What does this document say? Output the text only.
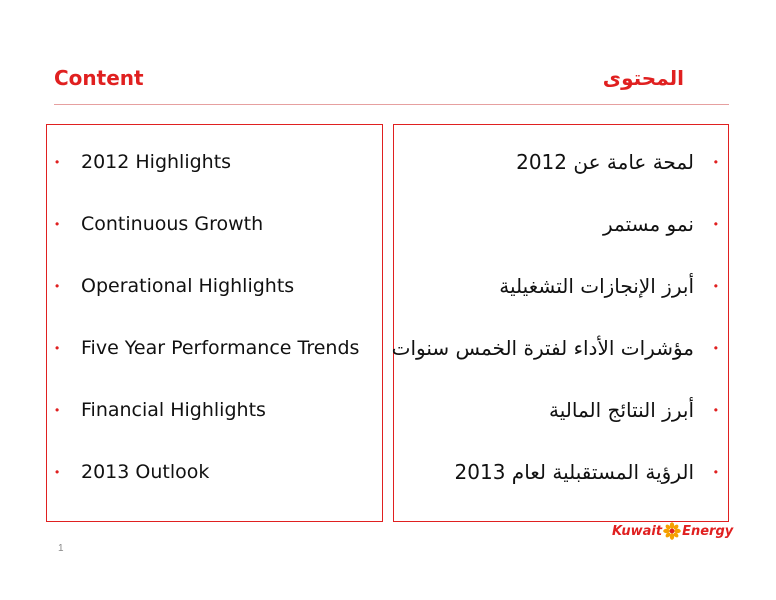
Content	المحتوى
•	2012 Highlights
•	Continuous Growth
•	Operational Highlights
•	Five Year Performance Trends
•	Financial Highlights
•	2013 Outlook
•
لمحة عامة عن 2012
•
نمو مستمر
•
أبرز الإنجازات التشغيلية
•
مؤشرات الأداء لفترة الخمس سنوات
•
أبرز النتائج المالية
•
الرؤية المستقبلية لعام 2013
1
Kuwait Energy
